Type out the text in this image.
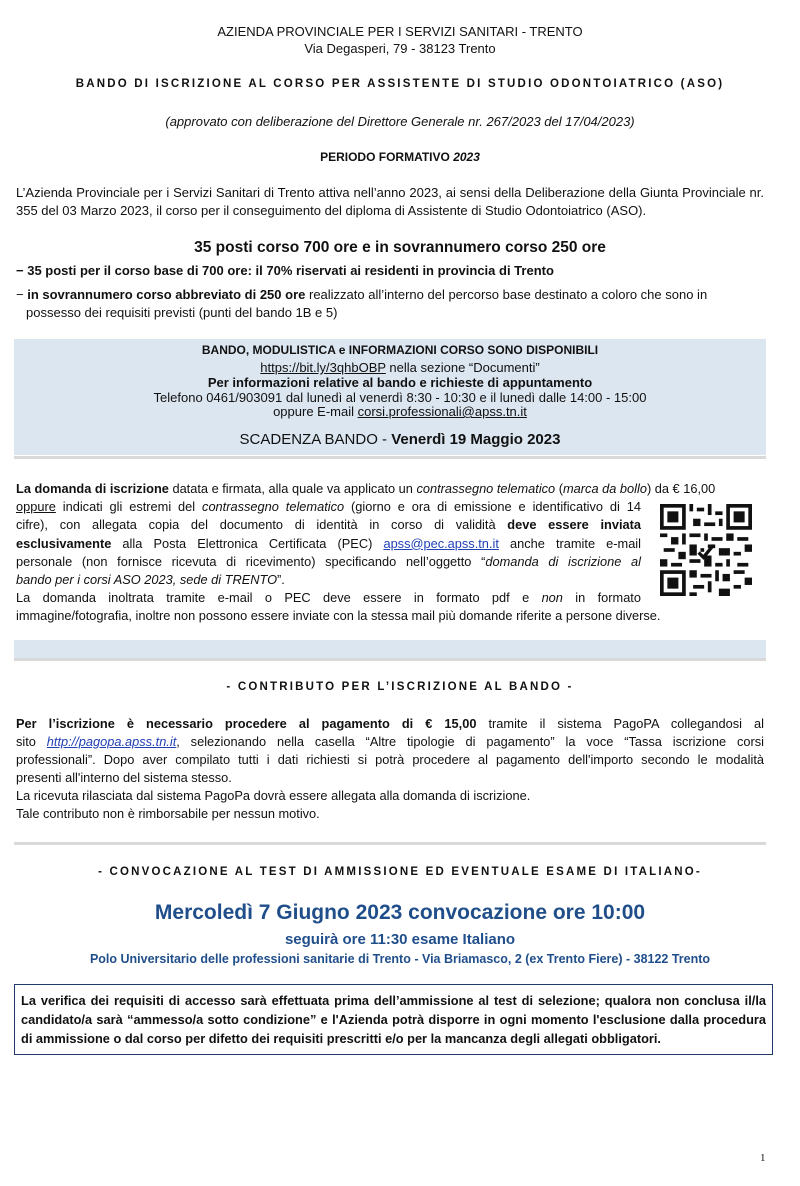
AZIENDA PROVINCIALE PER I SERVIZI SANITARI - TRENTO
Via Degasperi, 79 - 38123 Trento
BANDO DI ISCRIZIONE AL CORSO PER ASSISTENTE DI STUDIO ODONTOIATRICO (ASO)
(approvato con deliberazione del Direttore Generale nr. 267/2023 del 17/04/2023)
PERIODO FORMATIVO 2023
L’Azienda Provinciale per i Servizi Sanitari di Trento attiva nell’anno 2023, ai sensi della Deliberazione della Giunta Provinciale nr. 355 del 03 Marzo 2023, il corso per il conseguimento del diploma di Assistente di Studio Odontoiatrico (ASO).
35 posti corso 700 ore e in sovrannumero corso 250 ore
− 35 posti per il corso base di 700 ore: il 70% riservati ai residenti in provincia di Trento
− in sovrannumero corso abbreviato di 250 ore realizzato all’interno del percorso base destinato a coloro che sono in
possesso dei requisiti previsti (punti del bando 1B e 5)
BANDO, MODULISTICA e INFORMAZIONI CORSO SONO DISPONIBILI
https://bit.ly/3qhbOBP nella sezione “Documenti”
Per informazioni relative al bando e richieste di appuntamento
Telefono 0461/903091 dal lunedì al venerdì 8:30 - 10:30 e il lunedì dalle 14:00 - 15:00
oppure E-mail corsi.professionali@apss.tn.it
SCADENZA BANDO - Venerdì 19 Maggio 2023
La domanda di iscrizione datata e firmata, alla quale va applicato un contrassegno telematico (marca da bollo) da € 16,00
oppure indicati gli estremi del contrassegno telematico (giorno e ora di emissione e identificativo di 14
cifre), con allegata copia del documento di identità in corso di validità deve essere inviata
esclusivamente alla Posta Elettronica Certificata (PEC) apss@pec.apss.tn.it anche tramite e-mail
personale (non fornisce ricevuta di ricevimento) specificando nell’oggetto “domanda di iscrizione al
bando per i corsi ASO 2023, sede di TRENTO”.
La domanda inoltrata tramite e-mail o PEC deve essere in formato pdf e non in formato
immagine/fotografia, inoltre non possono essere inviate con la stessa mail più domande riferite a persone diverse.
- CONTRIBUTO PER L’ISCRIZIONE AL BANDO -
Per l’iscrizione è necessario procedere al pagamento di € 15,00 tramite il sistema PagoPA collegandosi al
sito http://pagopa.apss.tn.it, selezionando nella casella “Altre tipologie di pagamento” la voce “Tassa iscrizione corsi
professionali”. Dopo aver compilato tutti i dati richiesti si potrà procedere al pagamento dell'importo secondo le modalità
presenti all'interno del sistema stesso.
La ricevuta rilasciata dal sistema PagoPa dovrà essere allegata alla domanda di iscrizione.
Tale contributo non è rimborsabile per nessun motivo.
- CONVOCAZIONE AL TEST DI AMMISSIONE ED EVENTUALE ESAME DI ITALIANO-
Mercoledì 7 Giugno 2023 convocazione ore 10:00
seguirà ore 11:30 esame Italiano
Polo Universitario delle professioni sanitarie di Trento - Via Briamasco, 2 (ex Trento Fiere) - 38122 Trento
La verifica dei requisiti di accesso sarà effettuata prima dell’ammissione al test di selezione; qualora non conclusa il/la candidato/a sarà “ammesso/a sotto condizione” e l'Azienda potrà disporre in ogni momento l'esclusione dalla procedura di ammissione o dal corso per difetto dei requisiti prescritti e/o per la mancanza degli allegati obbligatori.
1
